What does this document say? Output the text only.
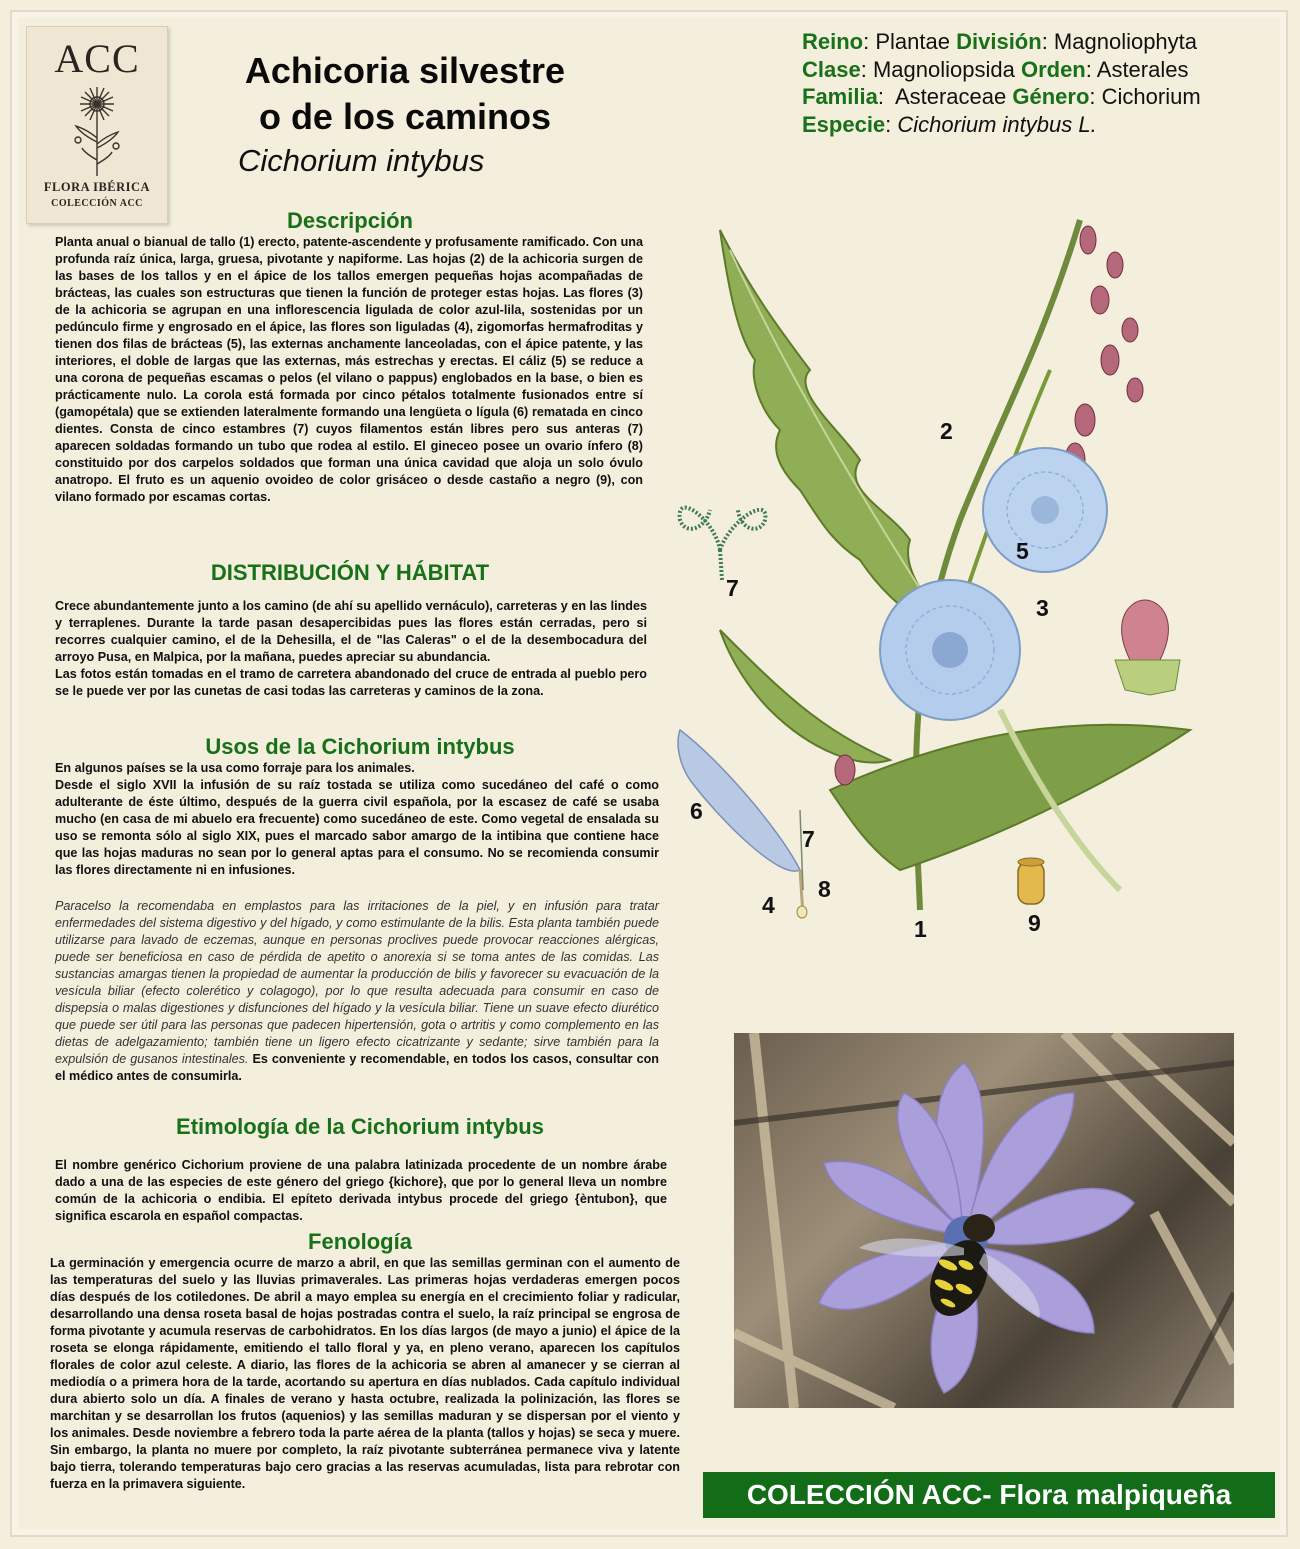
ACC
FLORA IBÉRICA
COLECCIÓN ACC
Achicoria silvestre
o de los caminos
Cichorium intybus
Reino: Plantae División: Magnoliophyta
Clase: Magnoliopsida Orden: Asterales
Familia:  Asteraceae Género: Cichorium
Especie: Cichorium intybus L.
Descripción
Planta anual o bianual de tallo (1) erecto, patente-ascendente y profusamente ramificado. Con una profunda raíz única, larga, gruesa, pivotante y napiforme. Las hojas (2) de la achicoria surgen de las bases de los tallos y en el ápice de los tallos emergen pequeñas hojas acompañadas de brácteas, las cuales son estructuras que tienen la función de proteger estas hojas. Las flores (3) de la achicoria se agrupan en una inflorescencia ligulada de color azul-lila, sostenidas por un pedúnculo firme y engrosado en el ápice, las flores son liguladas (4), zigomorfas hermafroditas y tienen dos filas de brácteas (5), las externas anchamente lanceoladas, con el ápice patente, y las interiores, el doble de largas que las externas, más estrechas y erectas. El cáliz (5) se reduce a una corona de pequeñas escamas o pelos (el vilano o pappus) englobados en la base, o bien es prácticamente nulo. La corola está formada por cinco pétalos totalmente fusionados entre sí (gamopétala) que se extienden lateralmente formando una lengüeta o lígula (6) rematada en cinco dientes. Consta de cinco estambres (7) cuyos filamentos están libres pero sus anteras (7) aparecen soldadas formando un tubo que rodea al estilo. El gineceo posee un ovario ínfero (8) constituido por dos carpelos soldados que forman una única cavidad que aloja un solo óvulo anatropo. El fruto es un aquenio ovoideo de color grisáceo o desde castaño a negro (9), con vilano formado por escamas cortas.
DISTRIBUCIÓN Y HÁBITAT

Crece abundantemente junto a los camino (de ahí su apellido vernáculo), carreteras y en las lindes y terraplenes. Durante la tarde pasan desapercibidas pues las flores están cerradas, pero si recorres cualquier camino, el de la Dehesilla, el de "las Caleras" o el de la desembocadura del arroyo Pusa, en Malpica, por la mañana, puedes apreciar su abundancia.

Las fotos están tomadas en el tramo de carretera abandonado del cruce de entrada al pueblo pero se le puede ver por las cunetas de casi todas las carreteras y caminos de la zona.

Usos de la Cichorium intybus

En algunos países se la usa como forraje para los animales.

Desde el siglo XVII la infusión de su raíz tostada se utiliza como sucedáneo del café o como adulterante de éste último, después de la guerra civil española, por la escasez de café se usaba mucho (en casa de mi abuelo era frecuente) como sucedáneo de este. Como vegetal de ensalada su uso se remonta sólo al siglo XIX, pues el marcado sabor amargo de la intibina que contiene hace que las hojas maduras no sean por lo general aptas para el consumo. No se recomienda consumir las flores directamente ni en infusiones.

Paracelso la recomendaba en emplastos para las irritaciones de la piel, y en infusión para tratar enfermedades del sistema digestivo y del hígado, y como estimulante de la bilis. Esta planta también puede utilizarse para lavado de eczemas, aunque en personas proclives puede provocar reacciones alérgicas, puede ser beneficiosa en caso de pérdida de apetito o anorexia si se toma antes de las comidas. Las sustancias amargas tienen la propiedad de aumentar la producción de bilis y favorecer su evacuación de la vesícula biliar (efecto colerético y colagogo), por lo que resulta adecuada para consumir en caso de dispepsia o malas digestiones y disfunciones del hígado y la vesícula biliar. Tiene un suave efecto diurético que puede ser útil para las personas que padecen hipertensión, gota o artritis y como complemento en las dietas de adelgazamiento; también tiene un ligero efecto cicatrizante y sedante; sirve también para la expulsión de gusanos intestinales. Es conveniente y recomendable, en todos los casos, consultar con el médico antes de consumirla.
Etimología de la Cichorium intybus
El nombre genérico Cichorium proviene de una palabra latinizada procedente de un nombre árabe dado a una de las especies de este género del griego {kichore}, que por lo general lleva un nombre común de la achicoria o endibia. El epíteto derivada intybus procede del griego {èntubon}, que significa escarola en español compactas.
Fenología
La germinación y emergencia ocurre de marzo a abril, en que las semillas germinan con el aumento de las temperaturas del suelo y las lluvias primaverales. Las primeras hojas verdaderas emergen pocos días después de los cotiledones. De abril a mayo emplea su energía en el crecimiento foliar y radicular, desarrollando una densa roseta basal de hojas postradas contra el suelo, la raíz principal se engrosa de forma pivotante y acumula reservas de carbohidratos. En los días largos (de mayo a junio) el ápice de la roseta se elonga rápidamente, emitiendo el tallo floral y ya, en pleno verano, aparecen los capítulos florales de color azul celeste. A diario, las flores de la achicoria se abren al amanecer y se cierran al mediodía o a primera hora de la tarde, acortando su apertura en días nublados. Cada capítulo individual dura abierto solo un día. A finales de verano y hasta octubre, realizada la polinización, las flores se marchitan y se desarrollan los frutos (aquenios) y las semillas maduran y se dispersan por el viento y los animales. Desde noviembre a febrero toda la parte aérea de la planta (tallos y hojas) se seca y muere. Sin embargo, la planta no muere por completo, la raíz pivotante subterránea permanece viva y latente bajo tierra, tolerando temperaturas bajo cero gracias a las reservas acumuladas, lista para rebrotar con fuerza en la primavera siguiente.
2
5
3
7
6
7
8
4
1	9
COLECCIÓN ACC- Flora malpiqueña
